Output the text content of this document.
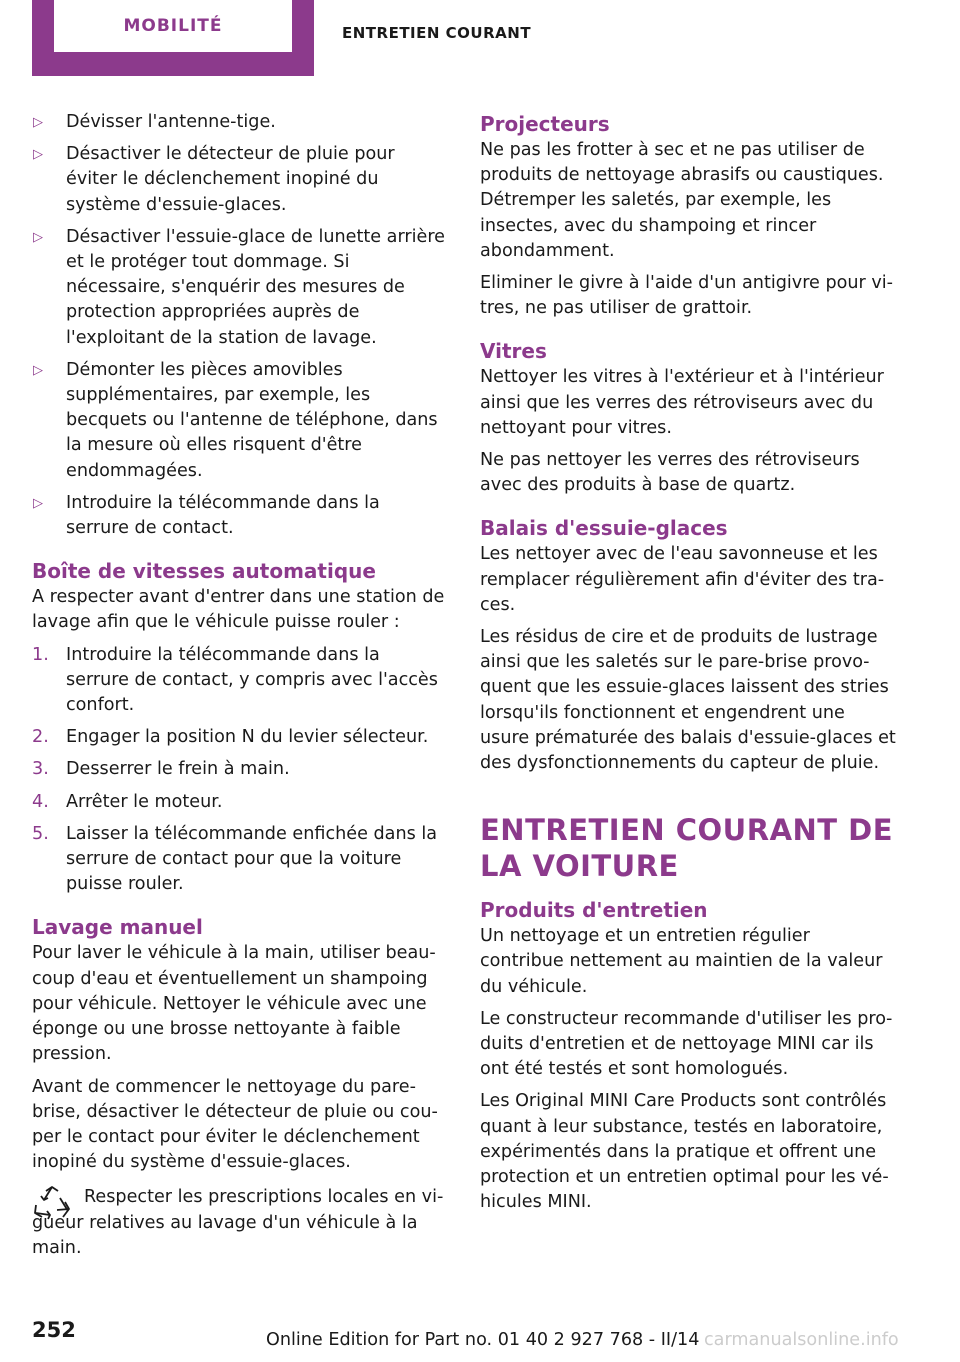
MOBILITÉ	ENTRETIEN COURANT
▷ Dévisser l'antenne-tige.
▷ Désactiver le détecteur de pluie pour éviter le déclenchement inopiné du système d'essuie-glaces.
▷ Désactiver l'essuie-glace de lunette arrière et le protéger tout dommage. Si nécessaire, s'enquérir des mesures de protection appropriées auprès de l'exploitant de la station de lavage.
▷ Démonter les pièces amovibles supplémentaires, par exemple, les becquets ou l'antenne de téléphone, dans la mesure où elles risquent d'être endommagées.
▷ Introduire la télécommande dans la serrure de contact.
Boîte de vitesses automatique

A respecter avant d'entrer dans une station de lavage afin que le véhicule puisse rouler :

1. Introduire la télécommande dans la serrure de contact, y compris avec l'accès confort.
2. Engager la position N du levier sélecteur.
3. Desserrer le frein à main.
4. Arrêter le moteur.
5. Laisser la télécommande enfichée dans la serrure de contact pour que la voiture puisse rouler.
Lavage manuel

Pour laver le véhicule à la main, utiliser beaucoup d'eau et éventuellement un shampoing pour véhicule. Nettoyer le véhicule avec une éponge ou une brosse nettoyante à faible pression.

Avant de commencer le nettoyage du pare-brise, désactiver le détecteur de pluie ou couper le contact pour éviter le déclenchement inopiné du système d'essuie-glaces.

Respecter les prescriptions locales en vigueur relatives au lavage d'un véhicule à la main.
Projecteurs

Ne pas les frotter à sec et ne pas utiliser de produits de nettoyage abrasifs ou caustiques. Détremper les saletés, par exemple, les insectes, avec du shampoing et rincer abondamment.

Eliminer le givre à l'aide d'un antigivre pour vitres, ne pas utiliser de grattoir.

Vitres

Nettoyer les vitres à l'extérieur et à l'intérieur ainsi que les verres des rétroviseurs avec du nettoyant pour vitres.

Ne pas nettoyer les verres des rétroviseurs avec des produits à base de quartz.

Balais d'essuie-glaces

Les nettoyer avec de l'eau savonneuse et les remplacer régulièrement afin d'éviter des traces.

Les résidus de cire et de produits de lustrage ainsi que les saletés sur le pare-brise provoquent que les essuie-glaces laissent des stries lorsqu'ils fonctionnent et engendrent une usure prématurée des balais d'essuie-glaces et des dysfonctionnements du capteur de pluie.

ENTRETIEN COURANT DE LA VOITURE
Produits d'entretien

Un nettoyage et un entretien régulier contribue nettement au maintien de la valeur du véhicule.

Le constructeur recommande d'utiliser les produits d'entretien et de nettoyage MINI car ils ont été testés et sont homologués.

Les Original MINI Care Products sont contrôlés quant à leur substance, testés en laboratoire, expérimentés dans la pratique et offrent une protection et un entretien optimal pour les véhicules MINI.

252	Online Edition for Part no. 01 40 2 927 768 - II/14 carmanualsonline.info
